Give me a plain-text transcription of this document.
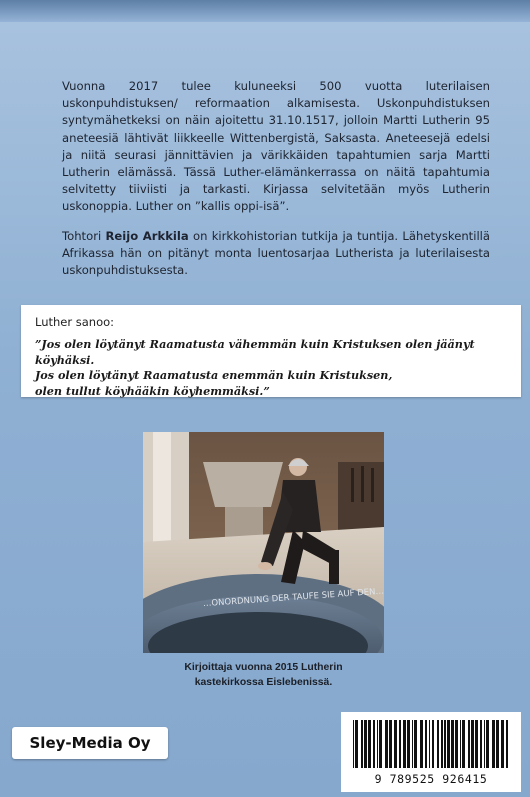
Vuonna 2017 tulee kuluneeksi 500 vuotta luterilaisen uskonpuhdistuksen/ reformaation alkamisesta. Uskonpuhdistuksen syntymähetkeksi on näin ajoitettu 31.10.1517, jolloin Martti Lutherin 95 aneteesiä lähtivät liikkeelle Wittenbergistä, Saksasta. Aneteesejä edelsi ja niitä seurasi jännittävien ja värikkäiden tapahtumien sarja Martti Lutherin elämässä. Tässä Luther-elämänkerrassa on näitä tapahtumia selvitetty tiiviisti ja tarkasti. Kirjassa selvitetään myös Lutherin uskonoppia. Luther on ”kallis oppi-isä”.

Tohtori Reijo Arkkila on kirkkohistorian tutkija ja tuntija. Lähetyskentillä Afrikassa hän on pitänyt monta luentosarjaa Lutherista ja luterilaisesta uskonpuhdistuksesta.

Luther sanoo:
”Jos olen löytänyt Raamatusta vähemmän kuin Kristuksen olen jäänyt köyhäksi.
Jos olen löytänyt Raamatusta enemmän kuin Kristuksen,
olen tullut köyhääkin köyhemmäksi.”
…ONORDNUNG DER TAUFE SIE AUF DEN…
Kirjoittaja vuonna 2015 Lutherin
kastekirkossa Eislebenissä.
Sley-Media Oy
9 789525 926415
